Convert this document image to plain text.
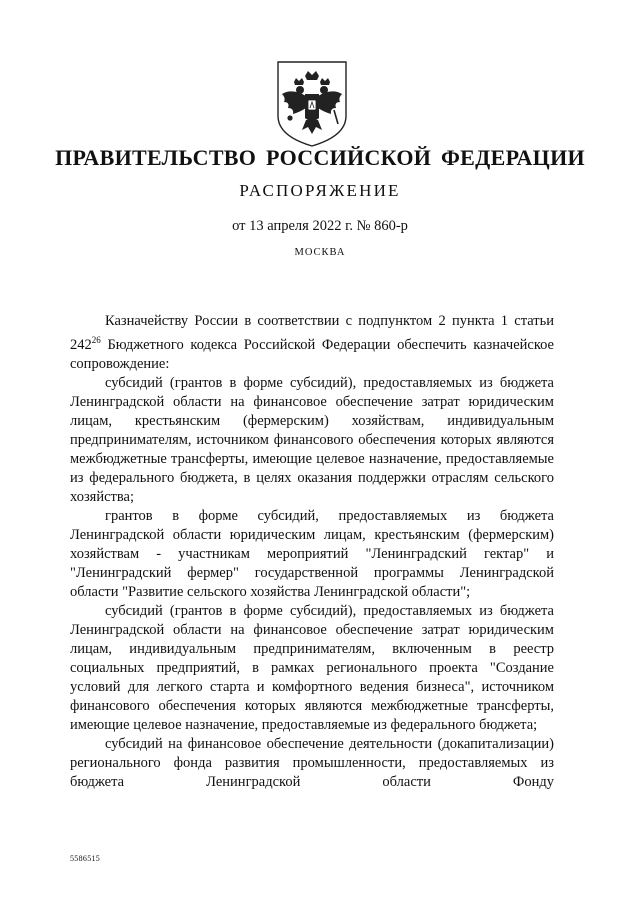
ПРАВИТЕЛЬСТВО РОССИЙСКОЙ ФЕДЕРАЦИИ
РАСПОРЯЖЕНИЕ
от 13 апреля 2022 г. № 860-р
МОСКВА

Казначейству России в соответствии с подпунктом 2 пункта 1 статьи $242^{26}$ Бюджетного кодекса Российской Федерации обеспечить казначейское сопровождение:

субсидий (грантов в форме субсидий), предоставляемых из бюджета Ленинградской области на финансовое обеспечение затрат юридическим лицам, крестьянским (фермерским) хозяйствам, индивидуальным предпринимателям, источником финансового обеспечения которых являются межбюджетные трансферты, имеющие целевое назначение, предоставляемые из федерального бюджета, в целях оказания поддержки отраслям сельского хозяйства;

грантов в форме субсидий, предоставляемых из бюджета Ленинградской области юридическим лицам, крестьянским (фермерским) хозяйствам - участникам мероприятий "Ленинградский гектар" и "Ленинградский фермер" государственной программы Ленинградской области "Развитие сельского хозяйства Ленинградской области";

субсидий (грантов в форме субсидий), предоставляемых из бюджета Ленинградской области на финансовое обеспечение затрат юридическим лицам, индивидуальным предпринимателям, включенным в реестр социальных предприятий, в рамках регионального проекта "Создание условий для легкого старта и комфортного ведения бизнеса", источником финансового обеспечения которых являются межбюджетные трансферты, имеющие целевое назначение, предоставляемые из федерального бюджета;

субсидий на финансовое обеспечение деятельности (докапитализации) регионального фонда развития промышленности, предоставляемых из бюджета Ленинградской области Фонду

5586515
